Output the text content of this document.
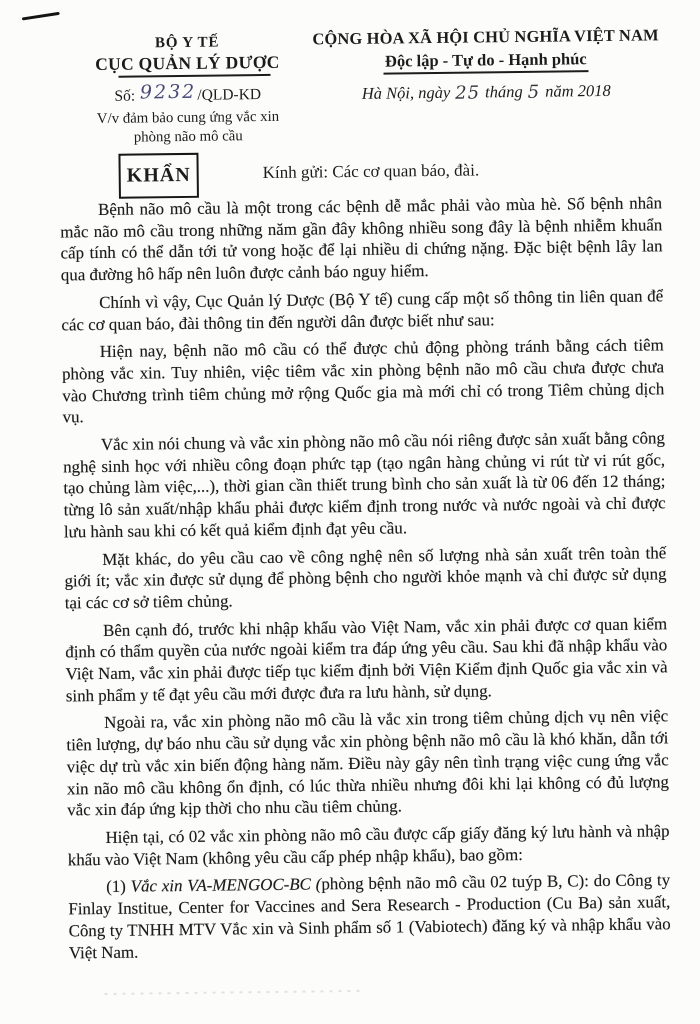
BỘ Y TẾ
CỤC QUẢN LÝ DƯỢC
Số: 9232/QLD-KD
V/v đảm bảo cung ứng vắc xin
phòng não mô cầu
CỘNG HÒA XÃ HỘI CHỦ NGHĨA VIỆT NAM
Độc lập - Tự do - Hạnh phúc
Hà Nội, ngày 25 tháng 5 năm 2018
KHẨN	Kính gửi: Các cơ quan báo, đài.

Bệnh não mô cầu là một trong các bệnh dễ mắc phải vào mùa hè. Số bệnh nhân mắc não mô cầu trong những năm gần đây không nhiều song đây là bệnh nhiễm khuẩn cấp tính có thể dẫn tới tử vong hoặc để lại nhiều di chứng nặng. Đặc biệt bệnh lây lan qua đường hô hấp nên luôn được cảnh báo nguy hiểm.

Chính vì vậy, Cục Quản lý Dược (Bộ Y tế) cung cấp một số thông tin liên quan để các cơ quan báo, đài thông tin đến người dân được biết như sau:

Hiện nay, bệnh não mô cầu có thể được chủ động phòng tránh bằng cách tiêm phòng vắc xin. Tuy nhiên, việc tiêm vắc xin phòng bệnh não mô cầu chưa được chưa vào Chương trình tiêm chủng mở rộng Quốc gia mà mới chỉ có trong Tiêm chủng dịch vụ.

Vắc xin nói chung và vắc xin phòng não mô cầu nói riêng được sản xuất bằng công nghệ sinh học với nhiều công đoạn phức tạp (tạo ngân hàng chủng vi rút từ vi rút gốc, tạo chủng làm việc,...), thời gian cần thiết trung bình cho sản xuất là từ 06 đến 12 tháng; từng lô sản xuất/nhập khẩu phải được kiểm định trong nước và nước ngoài và chỉ được lưu hành sau khi có kết quả kiểm định đạt yêu cầu.

Mặt khác, do yêu cầu cao về công nghệ nên số lượng nhà sản xuất trên toàn thế giới ít; vắc xin được sử dụng để phòng bệnh cho người khỏe mạnh và chỉ được sử dụng tại các cơ sở tiêm chủng.

Bên cạnh đó, trước khi nhập khẩu vào Việt Nam, vắc xin phải được cơ quan kiểm định có thẩm quyền của nước ngoài kiểm tra đáp ứng yêu cầu. Sau khi đã nhập khẩu vào Việt Nam, vắc xin phải được tiếp tục kiểm định bởi Viện Kiểm định Quốc gia vắc xin và sinh phẩm y tế đạt yêu cầu mới được đưa ra lưu hành, sử dụng.

Ngoài ra, vắc xin phòng não mô cầu là vắc xin trong tiêm chủng dịch vụ nên việc tiên lượng, dự báo nhu cầu sử dụng vắc xin phòng bệnh não mô cầu là khó khăn, dẫn tới việc dự trù vắc xin biến động hàng năm. Điều này gây nên tình trạng việc cung ứng vắc xin não mô cầu không ổn định, có lúc thừa nhiều nhưng đôi khi lại không có đủ lượng vắc xin đáp ứng kịp thời cho nhu cầu tiêm chủng.

Hiện tại, có 02 vắc xin phòng não mô cầu được cấp giấy đăng ký lưu hành và nhập khẩu vào Việt Nam (không yêu cầu cấp phép nhập khẩu), bao gồm:

(1) Vắc xin VA-MENGOC-BC (phòng bệnh não mô cầu 02 tuýp B, C): do Công ty Finlay Institue, Center for Vaccines and Sera Research - Production (Cu Ba) sản xuất, Công ty TNHH MTV Vắc xin và Sinh phẩm số 1 (Vabiotech) đăng ký và nhập khẩu vào Việt Nam.
